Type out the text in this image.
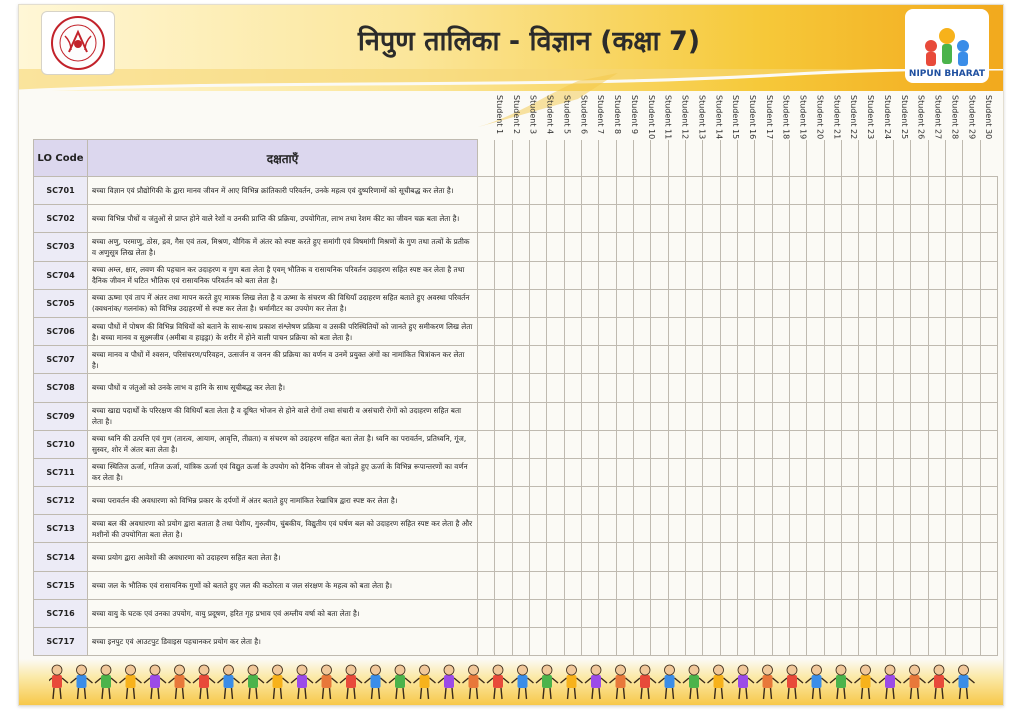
निपुण तालिका - विज्ञान (कक्षा 7)
NIPUN BHARAT
Student 1 Student 2 Student 3 Student 4 Student 5 Student 6 Student 7 Student 8 Student 9 Student 10 Student 11 Student 12 Student 13 Student 14 Student 15 Student 16 Student 17 Student 18 Student 19 Student 20 Student 21 Student 22 Student 23 Student 24 Student 25 Student 26 Student 27 Student 28 Student 29 Student 30
LO Code	दक्षताएँ																														
SC701	बच्चा विज्ञान एवं प्रौद्योगिकी के द्वारा मानव जीवन में आए विभिन्न क्रांतिकारी परिवर्तन, उनके महत्व एवं दुष्परिणामों को सूचीबद्ध कर लेता है।																														
SC702	बच्चा विभिन्न पौधों व जंतुओं से प्राप्त होने वाले रेशों व उनकी प्राप्ति की प्रक्रिया, उपयोगिता, लाभ तथा रेशम कीट का जीवन चक्र बता लेता है।																														
SC703	बच्चा अणु, परमाणु, ठोस, द्रव, गैस एवं तत्व, मिश्रण, यौगिक में अंतर को स्पष्ट करते हुए समांगी एवं विषमांगी मिश्रणों के गुण तथा तत्वों के प्रतीक व अणुसूत्र लिख लेता है।																														
SC704	बच्चा अम्ल, क्षार, लवण की पहचान कर उदाहरण व गुण बता लेता है एवम् भौतिक व रासायनिक परिवर्तन उदाहरण सहित स्पष्ट कर लेता है तथा दैनिक जीवन में घटित भौतिक एवं रासायनिक परिवर्तन को बता लेता है।																														
SC705	बच्चा ऊष्मा एवं ताप में अंतर तथा मापन करते हुए मात्रक लिख लेता है व ऊष्मा के संचरण की विधियाँ उदाहरण सहित बताते हुए अवस्था परिवर्तन (क्वथनांक/ गलनांक) को विभिन्न उदाहरणों से स्पष्ट कर लेता है। थर्मामीटर का उपयोग कर लेता है।																														
SC706	बच्चा पौधों में पोषण की विभिन्न विधियों को बताने के साथ-साथ प्रकाश संश्लेषण प्रक्रिया व उसकी परिस्थितियों को जानते हुए समीकरण लिख लेता है। बच्चा मानव व सूक्ष्मजीव (अमीबा व हाइड्रा) के शरीर में होने वाली पाचन प्रक्रिया को बता लेता है।																														
SC707	बच्चा मानव व पौधों में श्वसन, परिसंचरण/परिवहन, उत्सर्जन व जनन की प्रक्रिया का वर्णन व उनमें प्रयुक्त अंगों का नामांकित चित्रांकन कर लेता है।																														
SC708	बच्चा पौधों व जंतुओं को उनके लाभ व हानि के साथ सूचीबद्ध कर लेता है।																														
SC709	बच्चा खाद्य पदार्थों के परिरक्षण की विधियाँ बता लेता है व दूषित भोजन से होने वाले रोगों तथा संचारी व असंचारी रोगों को उदाहरण सहित बता लेता है।																														
SC710	बच्चा ध्वनि की उत्पत्ति एवं गुण (तारत्व, आयाम, आवृत्ति, तीव्रता) व संचरण को उदाहरण सहित बता लेता है। ध्वनि का परावर्तन, प्रतिध्वनि, गूंज, सुस्वर, शोर में अंतर बता लेता है।																														
SC711	बच्चा स्थितिज ऊर्जा, गतिज ऊर्जा, यांत्रिक ऊर्जा एवं विद्युत ऊर्जा के उपयोग को दैनिक जीवन से जोड़ते हुए ऊर्जा के विभिन्न रूपान्तरणों का वर्णन कर लेता है।																														
SC712	बच्चा परावर्तन की अवधारणा को विभिन्न प्रकार के दर्पणों में अंतर बताते हुए नामांकित रेखाचित्र द्वारा स्पष्ट कर लेता है।																														
SC713	बच्चा बल की अवधारणा को प्रयोग द्वारा बताता है तथा पेशीय, गुरुत्वीय, चुंबकीय, विद्युतीय एवं घर्षण बल को उदाहरण सहित स्पष्ट कर लेता है और मशीनों की उपयोगिता बता लेता है।																														
SC714	बच्चा प्रयोग द्वारा आवेशों की अवधारणा को उदाहरण सहित बता लेता है।																														
SC715	बच्चा जल के भौतिक एवं रासायनिक गुणों को बताते हुए जल की कठोरता व जल संरक्षण के महत्व को बता लेता है।																														
SC716	बच्चा वायु के घटक एवं उनका उपयोग, वायु प्रदूषण, हरित गृह प्रभाव एवं अम्लीय वर्षा को बता लेता है।																														
SC717	बच्चा इनपुट एवं आउटपुट डिवाइस पहचानकर प्रयोग कर लेता है।																														
